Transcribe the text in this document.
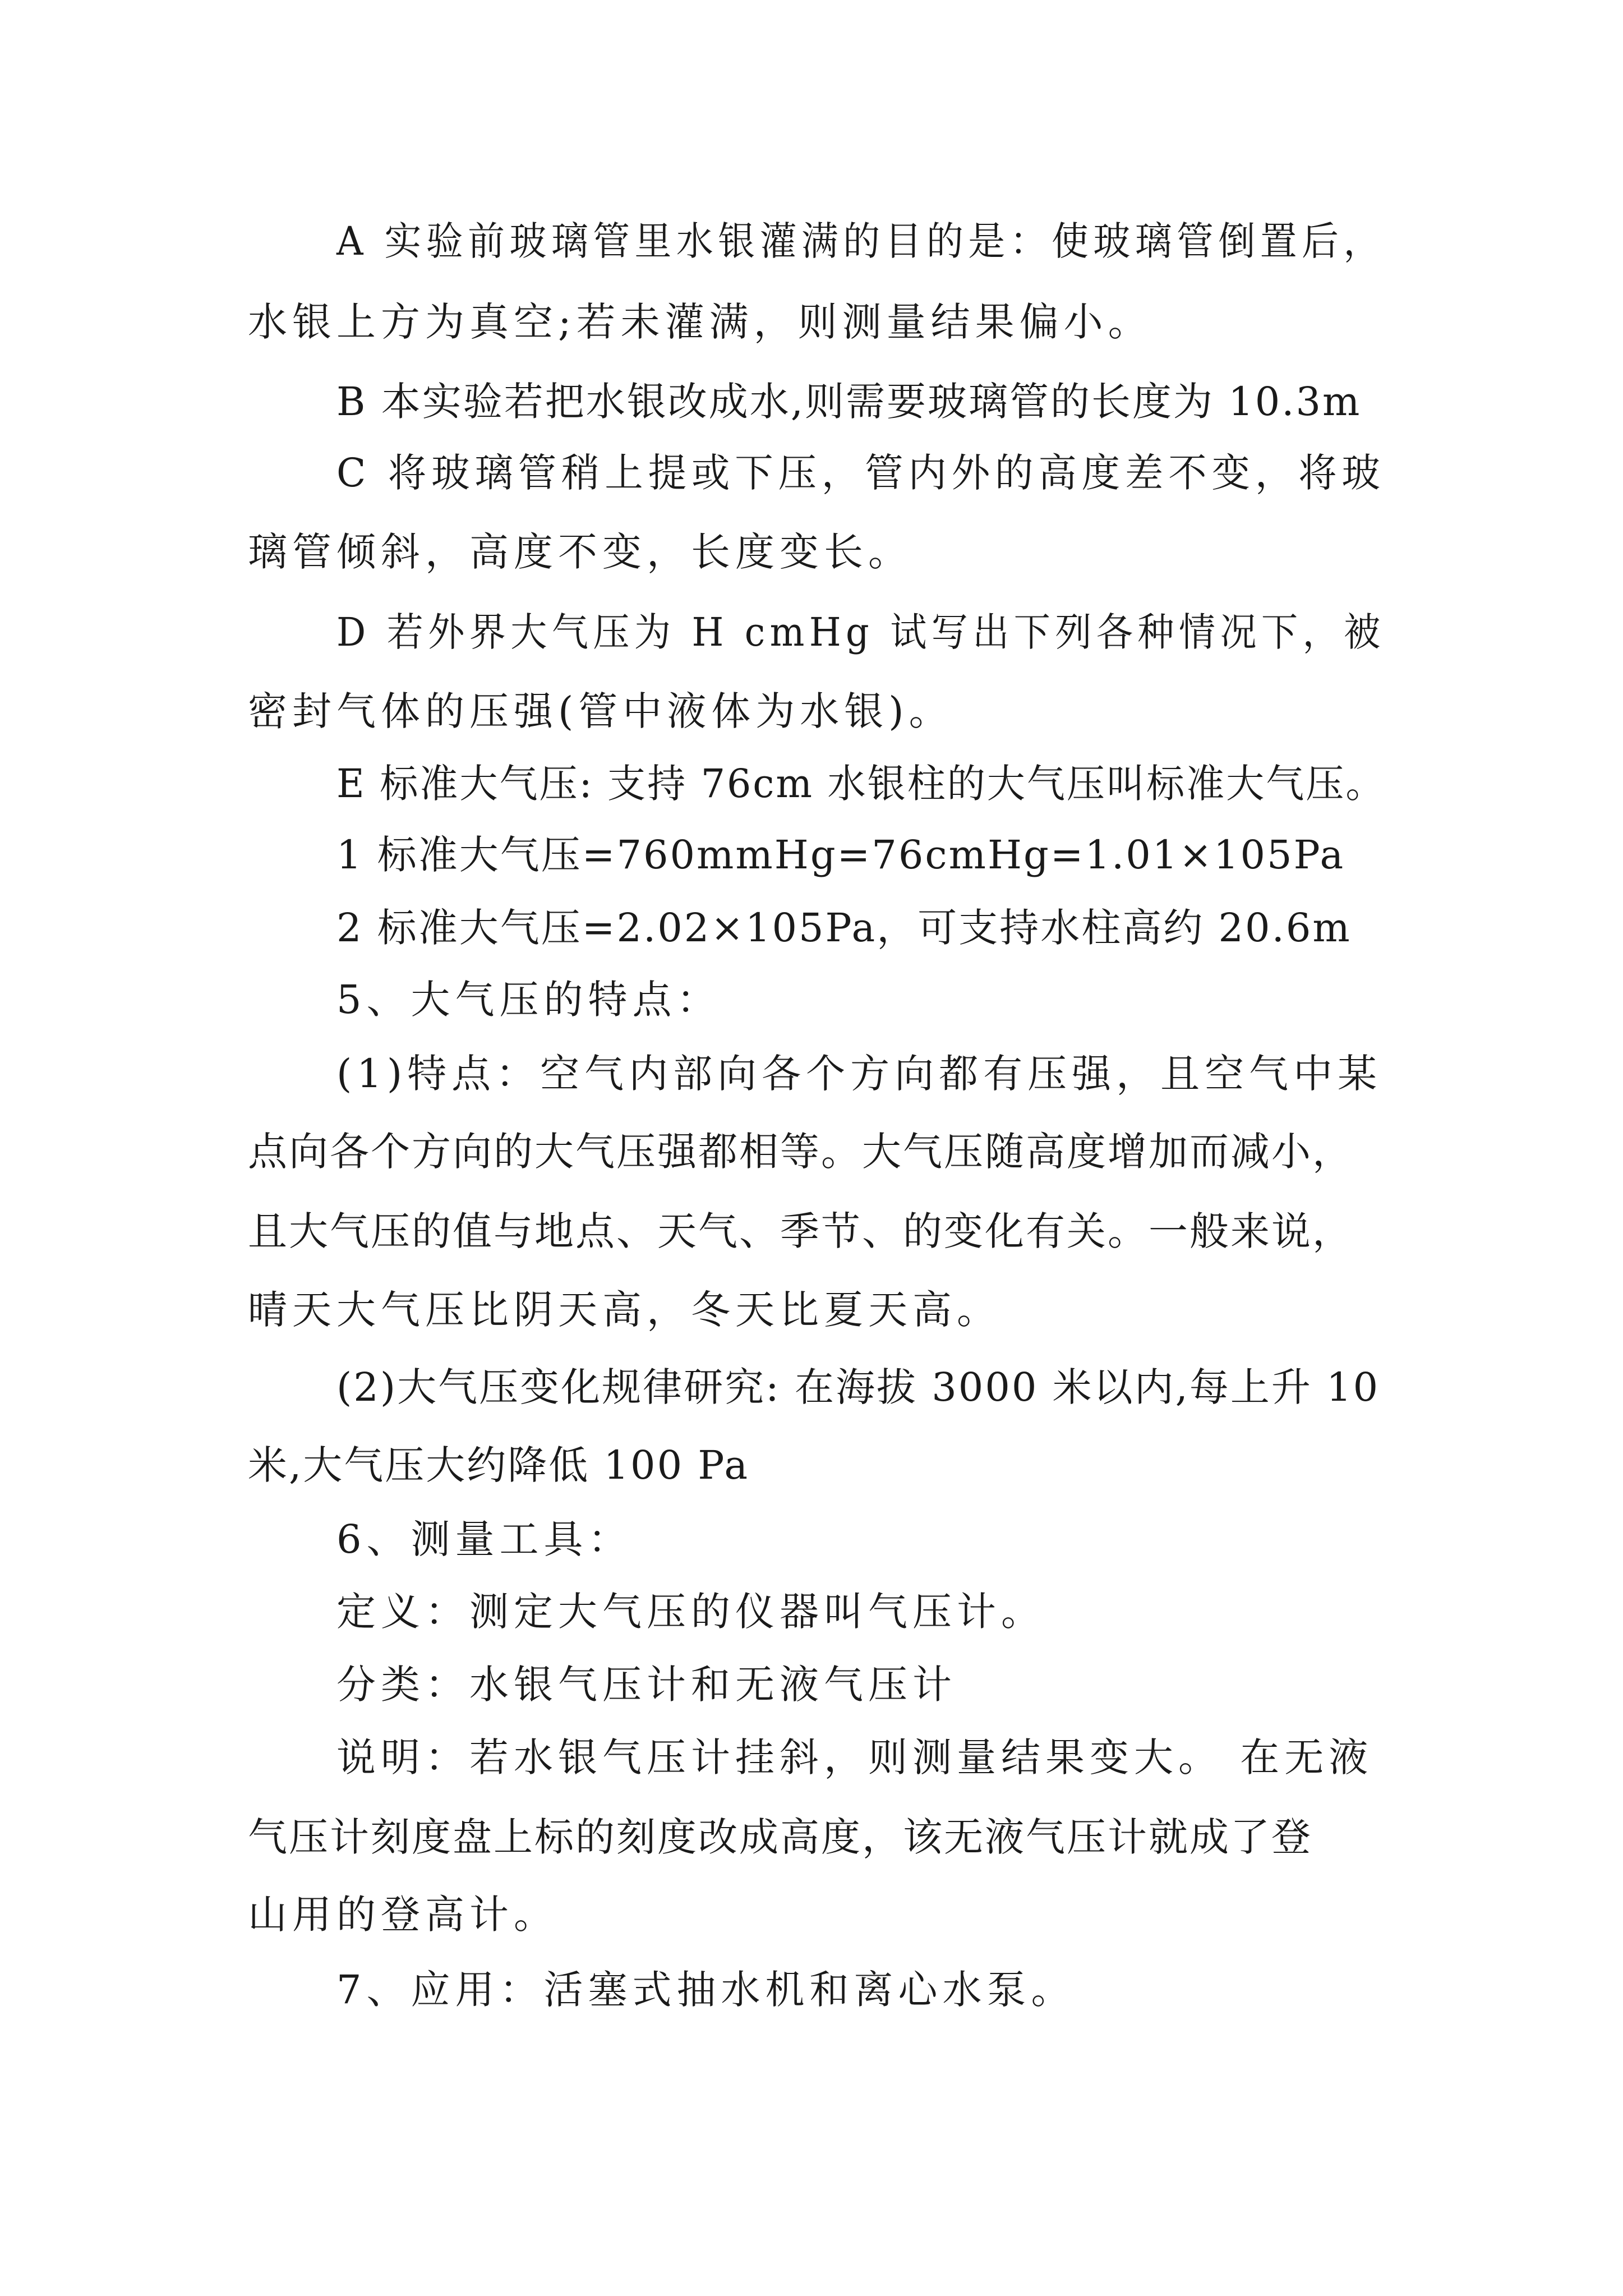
A 实验前玻璃管里水银灌满的目的是：使玻璃管倒置后，
水银上方为真空;若未灌满，则测量结果偏小。
B 本实验若把水银改成水,则需要玻璃管的长度为 10.3m
C 将玻璃管稍上提或下压，管内外的高度差不变，将玻
璃管倾斜，高度不变，长度变长。
D 若外界大气压为 H cmHg 试写出下列各种情况下，被
密封气体的压强(管中液体为水银)。
E 标准大气压: 支持 76cm 水银柱的大气压叫标准大气压。
1 标准大气压=760mmHg=76cmHg=1.01×105Pa
2 标准大气压=2.02×105Pa，可支持水柱高约 20.6m
5、大气压的特点：
(1)特点：空气内部向各个方向都有压强，且空气中某
点向各个方向的大气压强都相等。大气压随高度增加而减小，
且大气压的值与地点、天气、季节、的变化有关。一般来说，
晴天大气压比阴天高，冬天比夏天高。
(2)大气压变化规律研究: 在海拔 3000 米以内,每上升 10
米,大气压大约降低 100 Pa
6、测量工具：
定义：测定大气压的仪器叫气压计。
分类：水银气压计和无液气压计
说明：若水银气压计挂斜，则测量结果变大。 在无液
气压计刻度盘上标的刻度改成高度，该无液气压计就成了登
山用的登高计。
7、应用：活塞式抽水机和离心水泵。
